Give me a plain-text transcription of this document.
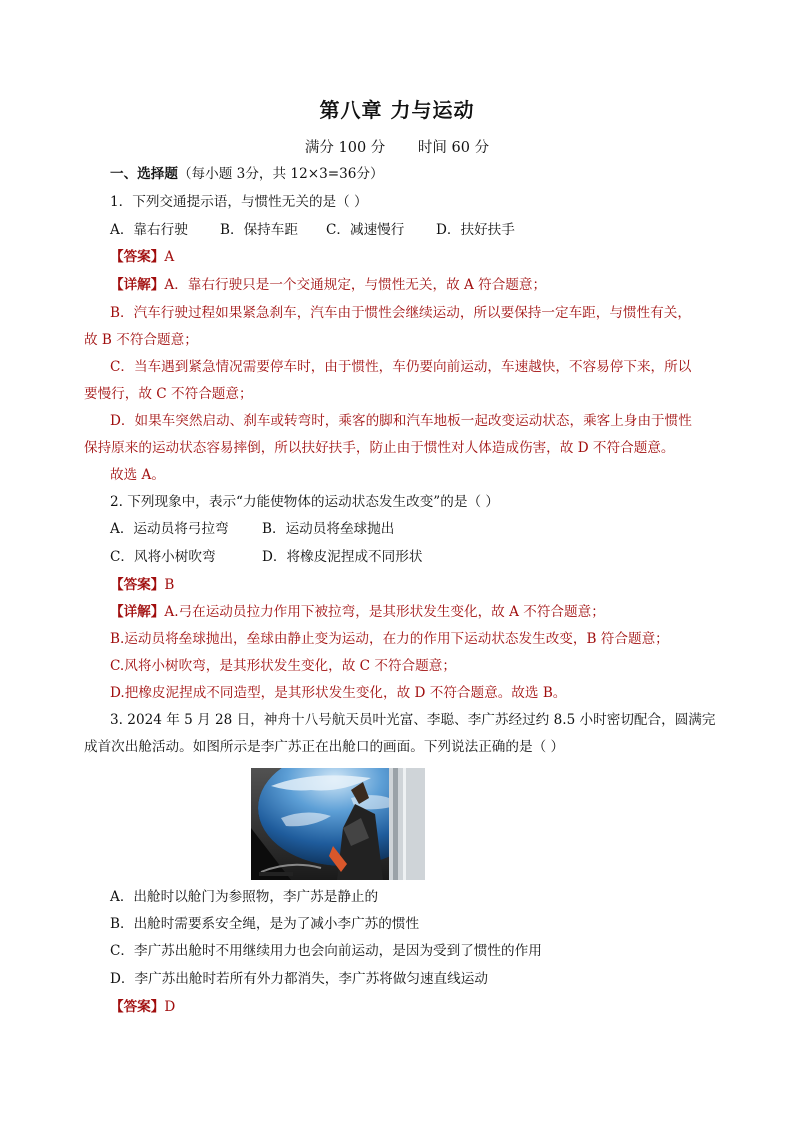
第八章 力与运动
满分 100 分 时间 60 分
一、选择题（每小题 3分，共 12×3=36分）
1．下列交通提示语，与惯性无关的是（ ）
A．靠右行驶 B．保持车距 C．减速慢行 D．扶好扶手
【答案】A
【详解】A．靠右行驶只是一个交通规定，与惯性无关，故 A 符合题意；
B．汽车行驶过程如果紧急刹车，汽车由于惯性会继续运动，所以要保持一定车距，与惯性有关，
故 B 不符合题意；
C．当车遇到紧急情况需要停车时，由于惯性，车仍要向前运动，车速越快，不容易停下来，所以
要慢行，故 C 不符合题意；
D．如果车突然启动、刹车或转弯时，乘客的脚和汽车地板一起改变运动状态，乘客上身由于惯性
保持原来的运动状态容易摔倒，所以扶好扶手，防止由于惯性对人体造成伤害，故 D 不符合题意。
故选 A。
2. 下列现象中，表示“力能使物体的运动状态发生改变”的是（ ）
A．运动员将弓拉弯 B．运动员将垒球抛出
C．风将小树吹弯	D．将橡皮泥捏成不同形状
【答案】B
【详解】A.弓在运动员拉力作用下被拉弯，是其形状发生变化，故 A 不符合题意；
B.运动员将垒球抛出，垒球由静止变为运动，在力的作用下运动状态发生改变，B 符合题意；
C.风将小树吹弯，是其形状发生变化，故 C 不符合题意；
D.把橡皮泥捏成不同造型，是其形状发生变化，故 D 不符合题意。故选 B。
3. 2024 年 5 月 28 日，神舟十八号航天员叶光富、李聪、李广苏经过约 8.5 小时密切配合，圆满完
成首次出舱活动。如图所示是李广苏正在出舱口的画面。下列说法正确的是（ ）
A．出舱时以舱门为参照物，李广苏是静止的
B．出舱时需要系安全绳，是为了减小李广苏的惯性
C．李广苏出舱时不用继续用力也会向前运动，是因为受到了惯性的作用
D．李广苏出舱时若所有外力都消失，李广苏将做匀速直线运动
【答案】D
